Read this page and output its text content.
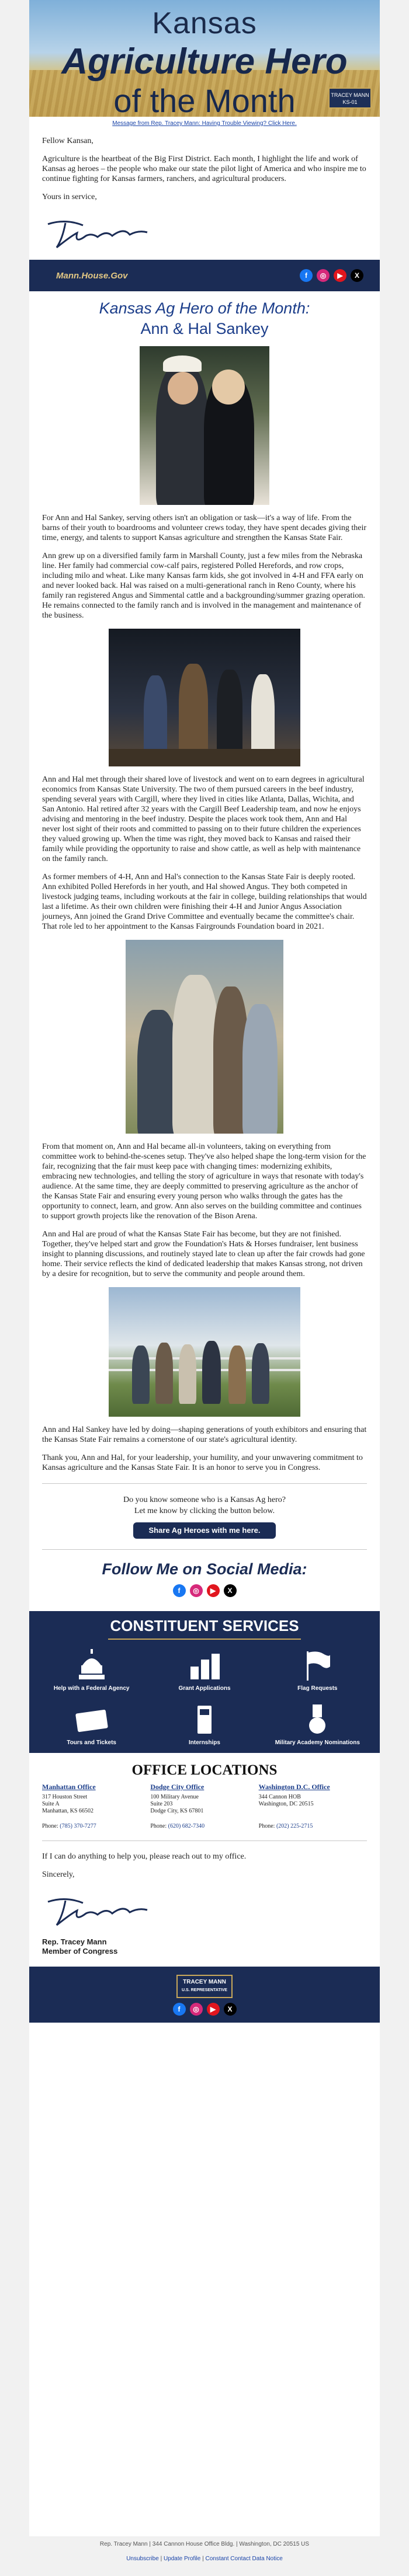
Kansas
Agriculture Hero
of the Month	TRACEY MANN
KS-01
Message from Rep. Tracey Mann: Having Trouble Viewing? Click Here.

Fellow Kansan,

Agriculture is the heartbeat of the Big First District. Each month, I highlight the life and work of Kansas ag heroes – the people who make our state the pilot light of America and who inspire me to continue fighting for Kansas farmers, ranchers, and agricultural producers.

Yours in service,

Mann.House.Gov	f	◎	▶	X
Kansas Ag Hero of the Month:
Ann & Hal Sankey

For Ann and Hal Sankey, serving others isn't an obligation or task—it's a way of life. From the barns of their youth to boardrooms and volunteer crews today, they have spent decades giving their time, energy, and talents to support Kansas agriculture and strengthen the Kansas State Fair.

Ann grew up on a diversified family farm in Marshall County, just a few miles from the Nebraska line. Her family had commercial cow-calf pairs, registered Polled Herefords, and row crops, including milo and wheat. Like many Kansas farm kids, she got involved in 4-H and FFA early on and never looked back. Hal was raised on a multi-generational ranch in Reno County, where his family ran registered Angus and Simmental cattle and a backgrounding/summer grazing operation. He remains connected to the family ranch and is involved in the management and maintenance of the business.

Ann and Hal met through their shared love of livestock and went on to earn degrees in agricultural economics from Kansas State University. The two of them pursued careers in the beef industry, spending several years with Cargill, where they lived in cities like Atlanta, Dallas, Wichita, and San Antonio. Hal retired after 32 years with the Cargill Beef Leadership team, and now he enjoys advising and mentoring in the beef industry. Despite the places work took them, Ann and Hal never lost sight of their roots and committed to passing on to their future children the experiences they valued growing up. When the time was right, they moved back to Kansas and raised their family while providing the opportunity to raise and show cattle, as well as help with maintenance on the family ranch.

As former members of 4-H, Ann and Hal's connection to the Kansas State Fair is deeply rooted. Ann exhibited Polled Herefords in her youth, and Hal showed Angus. They both competed in livestock judging teams, including workouts at the fair in college, building relationships that would last a lifetime. As their own children were finishing their 4-H and Junior Angus Association journeys, Ann joined the Grand Drive Committee and eventually became the committee's chair. That role led to her appointment to the Kansas Fairgrounds Foundation board in 2021.

From that moment on, Ann and Hal became all-in volunteers, taking on everything from committee work to behind-the-scenes setup. They've also helped shape the long-term vision for the fair, recognizing that the fair must keep pace with changing times: modernizing exhibits, embracing new technologies, and telling the story of agriculture in ways that resonate with today's audience. At the same time, they are deeply committed to preserving agriculture as the anchor of the Kansas State Fair and ensuring every young person who walks through the gates has the opportunity to connect, learn, and grow. Ann also serves on the building committee and continues to support growth projects like the renovation of the Bison Arena.

Ann and Hal are proud of what the Kansas State Fair has become, but they are not finished. Together, they've helped start and grow the Foundation's Hats & Horses fundraiser, lent business insight to planning discussions, and routinely stayed late to clean up after the fair crowds had gone home. Their service reflects the kind of dedicated leadership that makes Kansas strong, not driven by a desire for recognition, but to serve the community and people around them.

Ann and Hal Sankey have led by doing—shaping generations of youth exhibitors and ensuring that the Kansas State Fair remains a cornerstone of our state's agricultural identity.

Thank you, Ann and Hal, for your leadership, your humility, and your unwavering commitment to Kansas agriculture and the Kansas State Fair. It is an honor to serve you in Congress.

Do you know someone who is a Kansas Ag hero?
Let me know by clicking the button below.
Share Ag Heroes with me here.
Follow Me on Social Media:
f	◎	▶	X
CONSTITUENT SERVICES
Help with a Federal Agency	Grant Applications	Flag Requests
Tours and Tickets	Internships	Military Academy Nominations
OFFICE LOCATIONS
Manhattan Office
317 Houston Street
Suite A
Manhattan, KS 66502
Phone: (785) 370-7277
Dodge City Office
100 Military Avenue
Suite 203
Dodge City, KS 67801
Phone: (620) 682-7340
Washington D.C. Office
344 Cannon HOB
Washington, DC 20515

Phone: (202) 225-2715

If I can do anything to help you, please reach out to my office.

Sincerely,

Rep. Tracey Mann
Member of Congress
TRACEY MANN
U.S. REPRESENTATIVE
f	◎	▶	X
Rep. Tracey Mann | 344 Cannon House Office Bldg. | Washington, DC 20515 US
Unsubscribe | Update Profile | Constant Contact Data Notice
